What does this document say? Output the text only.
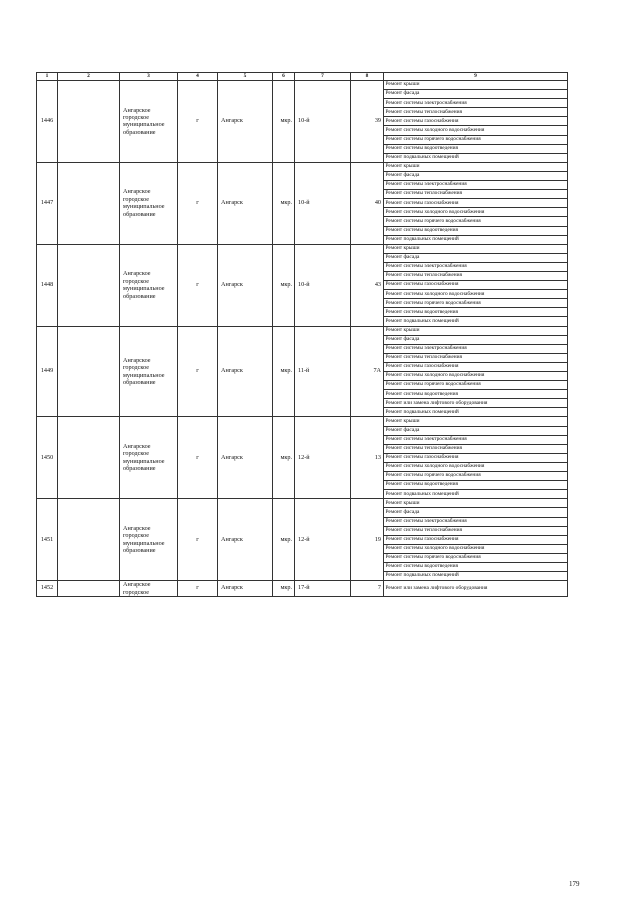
1	2	3	4	5	6	7	8	9
1446		Ангарское городское муниципальное образование	г	Ангарск	мкр.	10-й	39	Ремонт крыши
								Ремонт фасада
								Ремонт системы электроснабжения
								Ремонт системы теплоснабжения
								Ремонт системы газоснабжения
								Ремонт системы холодного водоснабжения
								Ремонт системы горячего водоснабжения
								Ремонт системы водоотведения
								Ремонт подвальных помещений
1447		Ангарское городское муниципальное образование	г	Ангарск	мкр.	10-й	40	Ремонт крыши
								Ремонт фасада
								Ремонт системы электроснабжения
								Ремонт системы теплоснабжения
								Ремонт системы газоснабжения
								Ремонт системы холодного водоснабжения
								Ремонт системы горячего водоснабжения
								Ремонт системы водоотведения
								Ремонт подвальных помещений
1448		Ангарское городское муниципальное образование	г	Ангарск	мкр.	10-й	43	Ремонт крыши
								Ремонт фасада
								Ремонт системы электроснабжения
								Ремонт системы теплоснабжения
								Ремонт системы газоснабжения
								Ремонт системы холодного водоснабжения
								Ремонт системы горячего водоснабжения
								Ремонт системы водоотведения
								Ремонт подвальных помещений
1449		Ангарское городское муниципальное образование	г	Ангарск	мкр.	11-й	7А	Ремонт крыши
								Ремонт фасада
								Ремонт системы электроснабжения
								Ремонт системы теплоснабжения
								Ремонт системы газоснабжения
								Ремонт системы холодного водоснабжения
								Ремонт системы горячего водоснабжения
								Ремонт системы водоотведения
								Ремонт или замена лифтового оборудования
								Ремонт подвальных помещений
1450		Ангарское городское муниципальное образование	г	Ангарск	мкр.	12-й	13	Ремонт крыши
								Ремонт фасада
								Ремонт системы электроснабжения
								Ремонт системы теплоснабжения
								Ремонт системы газоснабжения
								Ремонт системы холодного водоснабжения
								Ремонт системы горячего водоснабжения
								Ремонт системы водоотведения
								Ремонт подвальных помещений
1451		Ангарское городское муниципальное образование	г	Ангарск	мкр.	12-й	19	Ремонт крыши
								Ремонт фасада
								Ремонт системы электроснабжения
								Ремонт системы теплоснабжения
								Ремонт системы газоснабжения
								Ремонт системы холодного водоснабжения
								Ремонт системы горячего водоснабжения
								Ремонт системы водоотведения
								Ремонт подвальных помещений
1452		Ангарское городское	г	Ангарск	мкр.	17-й	7	Ремонт или замена лифтового оборудования
179
